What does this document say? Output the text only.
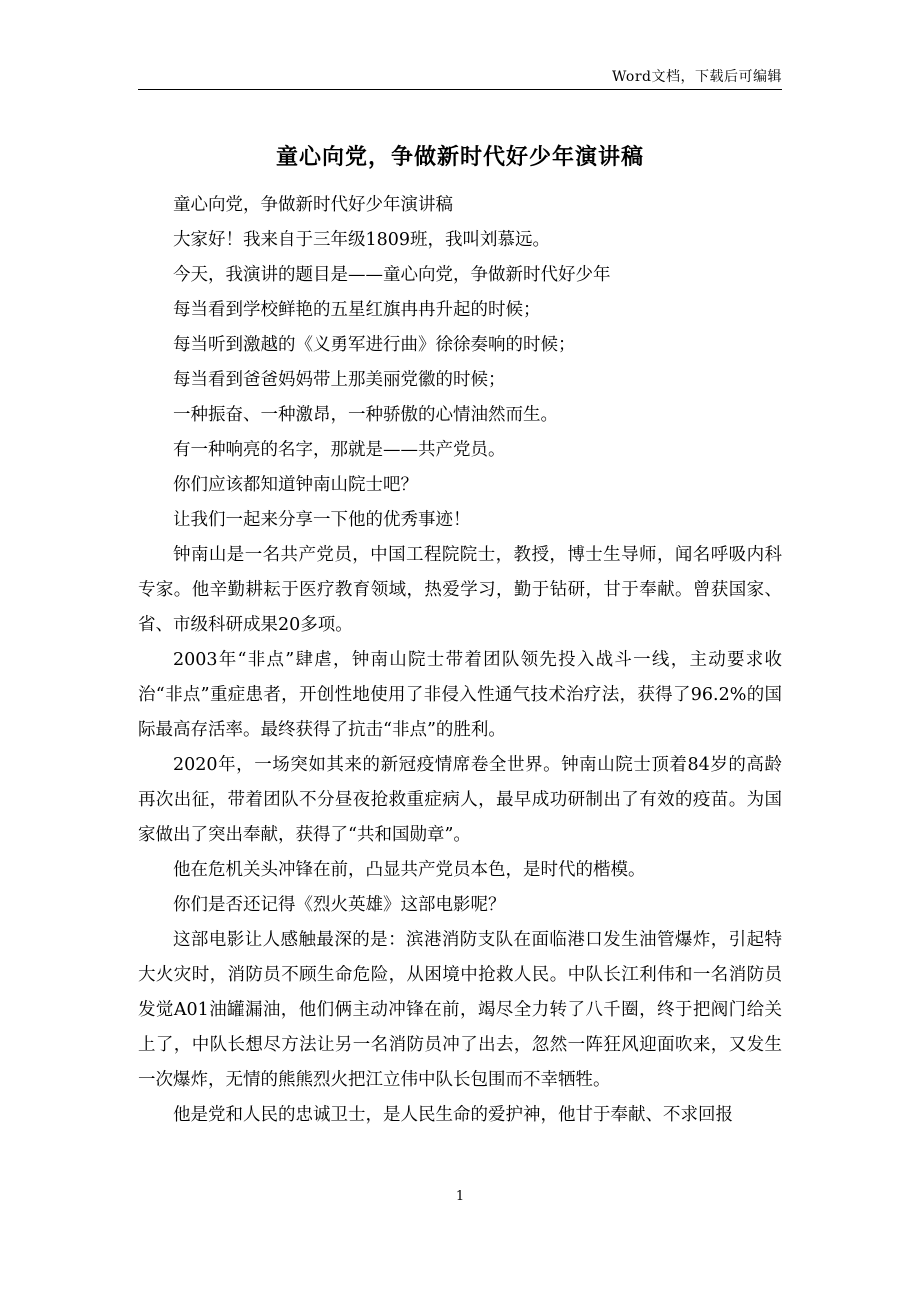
Word文档，下载后可编辑
童心向党，争做新时代好少年演讲稿

童心向党，争做新时代好少年演讲稿

大家好！我来自于三年级1809班，我叫刘慕远。

今天，我演讲的题目是——童心向党，争做新时代好少年

每当看到学校鲜艳的五星红旗冉冉升起的时候；

每当听到激越的《义勇军进行曲》徐徐奏响的时候；

每当看到爸爸妈妈带上那美丽党徽的时候；

一种振奋、一种激昂，一种骄傲的心情油然而生。

有一种响亮的名字，那就是——共产党员。

你们应该都知道钟南山院士吧？

让我们一起来分享一下他的优秀事迹！

钟南山是一名共产党员，中国工程院院士，教授，博士生导师，闻名呼吸内科专家。他辛勤耕耘于医疗教育领域，热爱学习，勤于钻研，甘于奉献。曾获国家、省、市级科研成果20多项。

2003年“非点”肆虐，钟南山院士带着团队领先投入战斗一线，主动要求收治“非点”重症患者，开创性地使用了非侵入性通气技术治疗法，获得了96.2%的国际最高存活率。最终获得了抗击“非点”的胜利。

2020年，一场突如其来的新冠疫情席卷全世界。钟南山院士顶着84岁的高龄再次出征，带着团队不分昼夜抢救重症病人，最早成功研制出了有效的疫苗。为国家做出了突出奉献，获得了“共和国勋章”。

他在危机关头冲锋在前，凸显共产党员本色，是时代的楷模。

你们是否还记得《烈火英雄》这部电影呢？

这部电影让人感触最深的是：滨港消防支队在面临港口发生油管爆炸，引起特大火灾时，消防员不顾生命危险，从困境中抢救人民。中队长江利伟和一名消防员发觉A01油罐漏油，他们俩主动冲锋在前，竭尽全力转了八千圈，终于把阀门给关上了，中队长想尽方法让另一名消防员冲了出去，忽然一阵狂风迎面吹来，又发生一次爆炸，无情的熊熊烈火把江立伟中队长包围而不幸牺牲。

他是党和人民的忠诚卫士，是人民生命的爱护神，他甘于奉献、不求回报

1
